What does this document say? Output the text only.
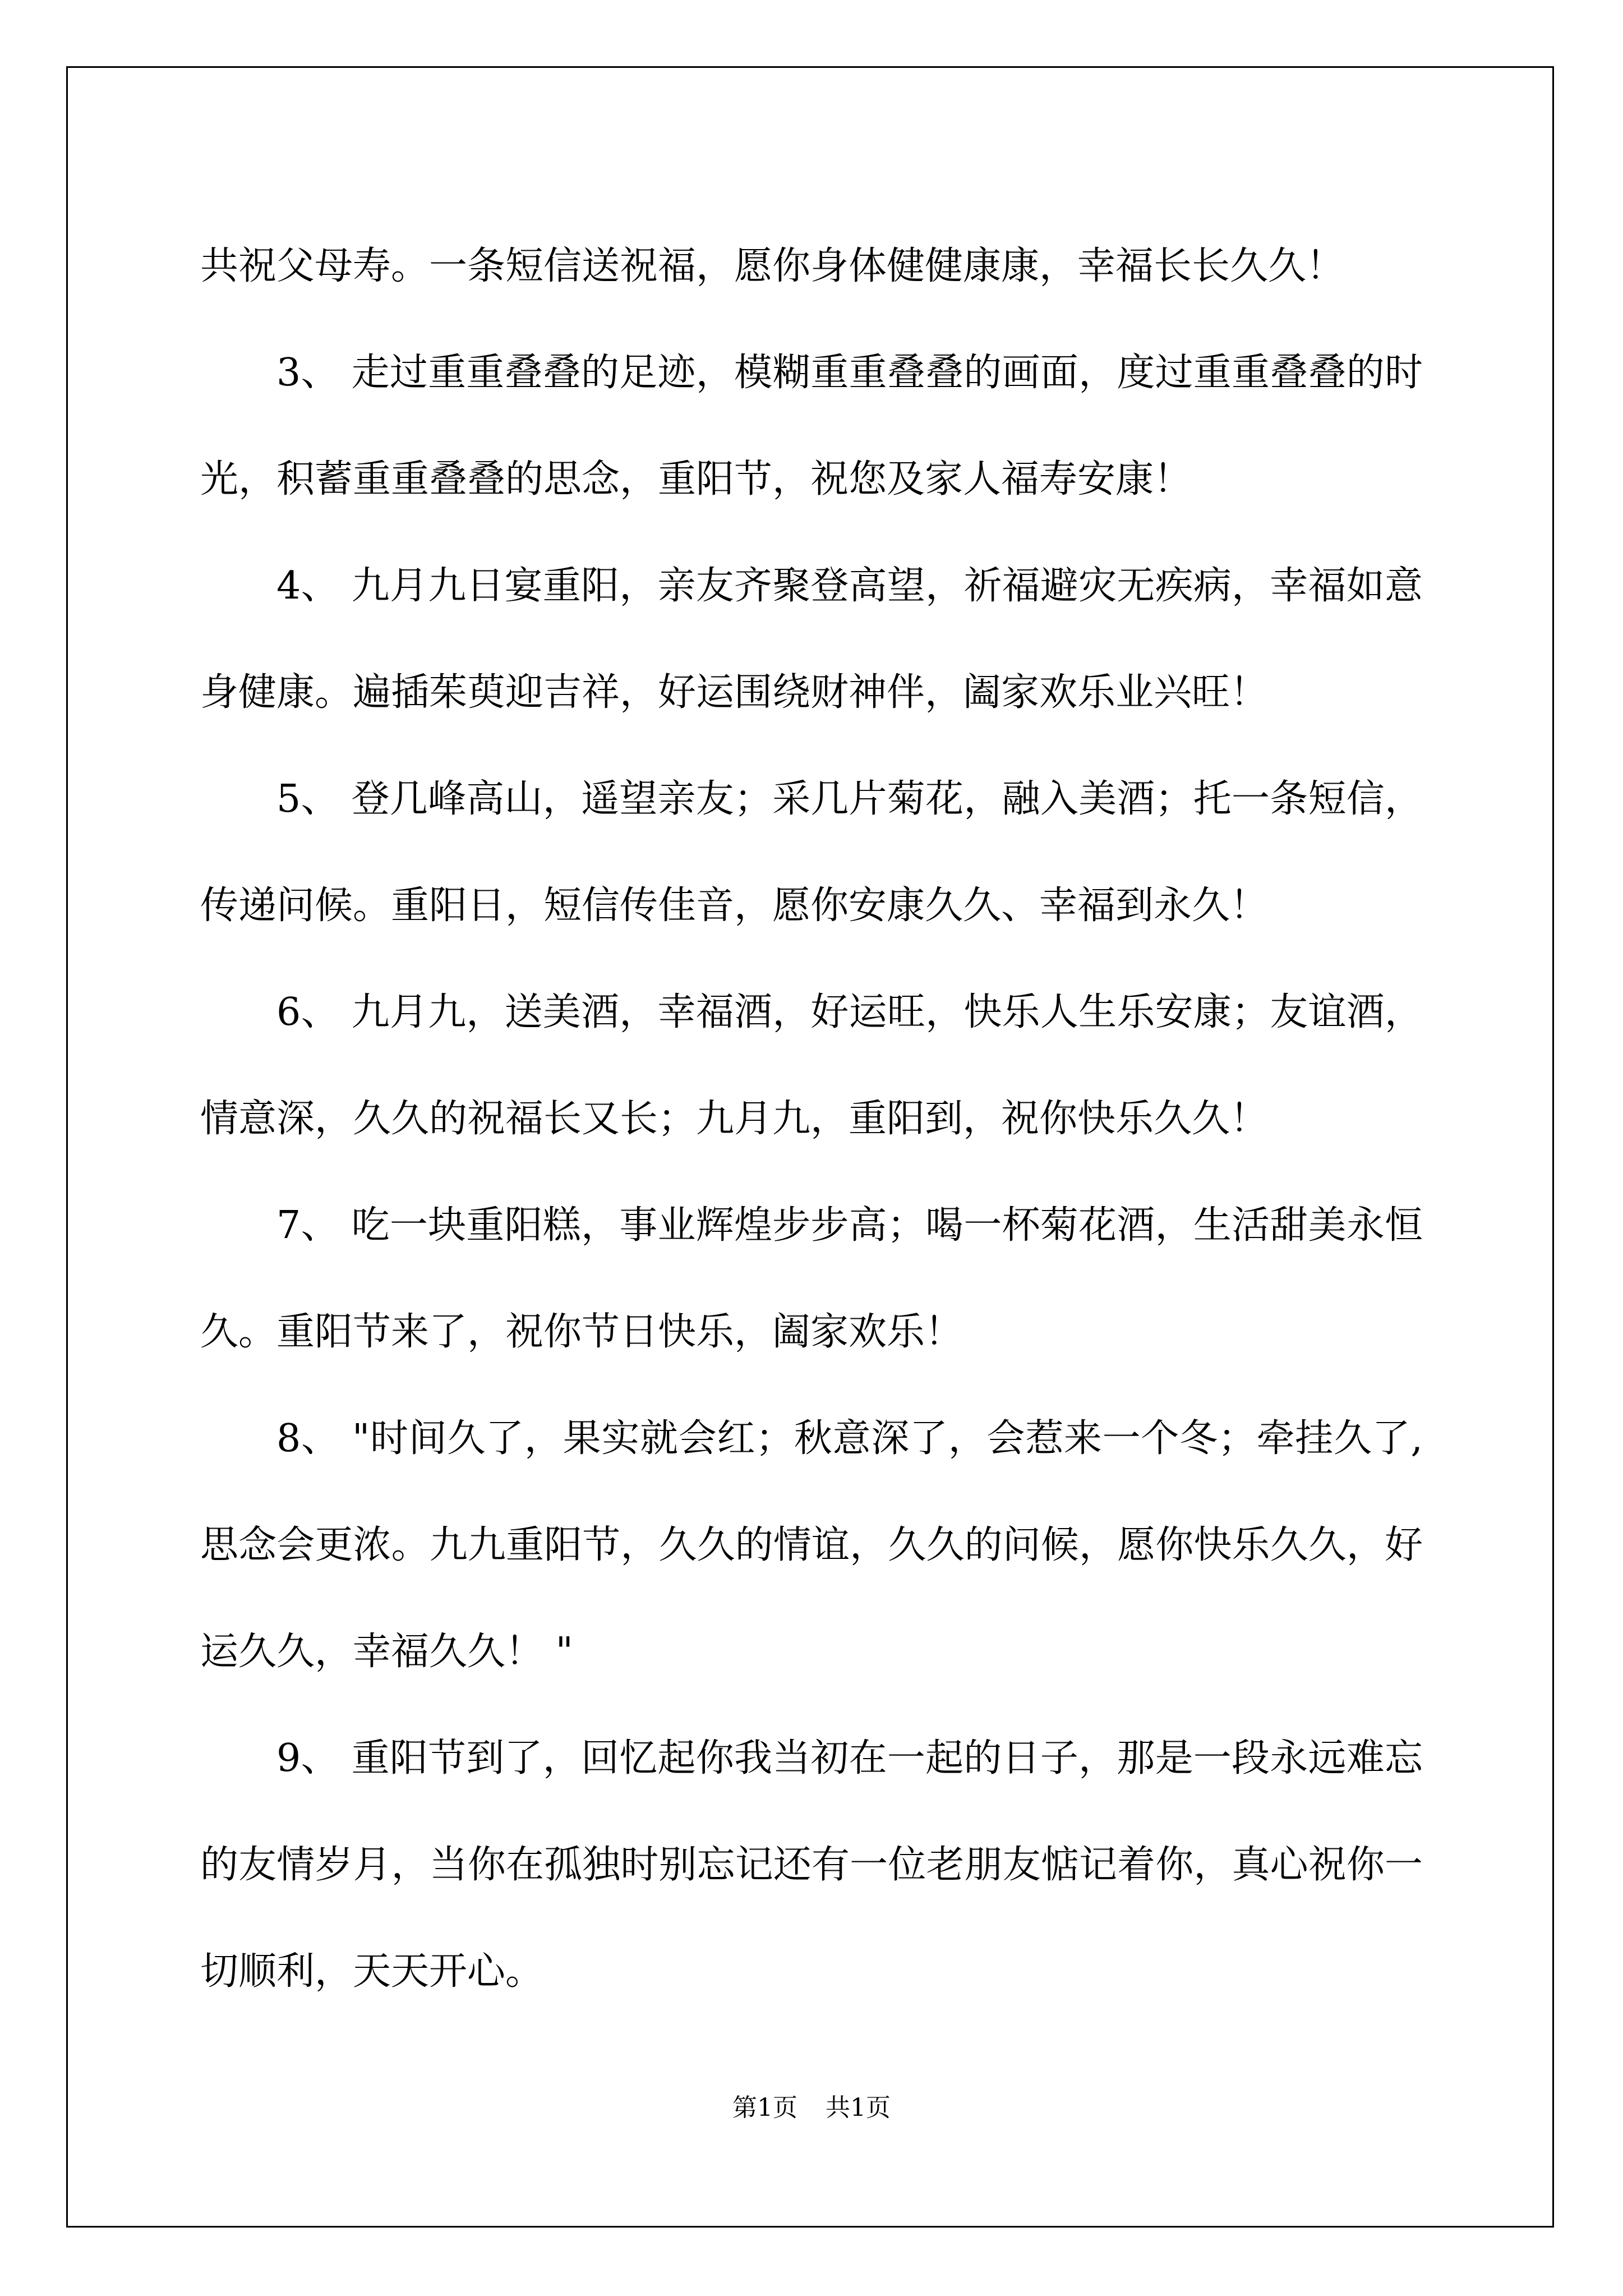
共祝父母寿。一条短信送祝福，愿你身体健健康康，幸福长长久久！

3、 走过重重叠叠的足迹，模糊重重叠叠的画面，度过重重叠叠的时光，积蓄重重叠叠的思念，重阳节，祝您及家人福寿安康！

4、 九月九日宴重阳，亲友齐聚登高望，祈福避灾无疾病，幸福如意身健康。遍插茱萸迎吉祥，好运围绕财神伴，阖家欢乐业兴旺！

5、 登几峰高山，遥望亲友；采几片菊花，融入美酒；托一条短信，传递问候。重阳日，短信传佳音，愿你安康久久、幸福到永久！

6、 九月九，送美酒，幸福酒，好运旺，快乐人生乐安康；友谊酒，情意深，久久的祝福长又长；九月九，重阳到，祝你快乐久久！

7、 吃一块重阳糕，事业辉煌步步高；喝一杯菊花酒，生活甜美永恒久。重阳节来了，祝你节日快乐，阖家欢乐！

8、 "时间久了，果实就会红；秋意深了，会惹来一个冬；牵挂久了,思念会更浓。九九重阳节，久久的情谊，久久的问候，愿你快乐久久，好运久久，幸福久久！ "

9、 重阳节到了，回忆起你我当初在一起的日子，那是一段永远难忘的友情岁月，当你在孤独时别忘记还有一位老朋友惦记着你，真心祝你一切顺利，天天开心。

第1页 共1页
